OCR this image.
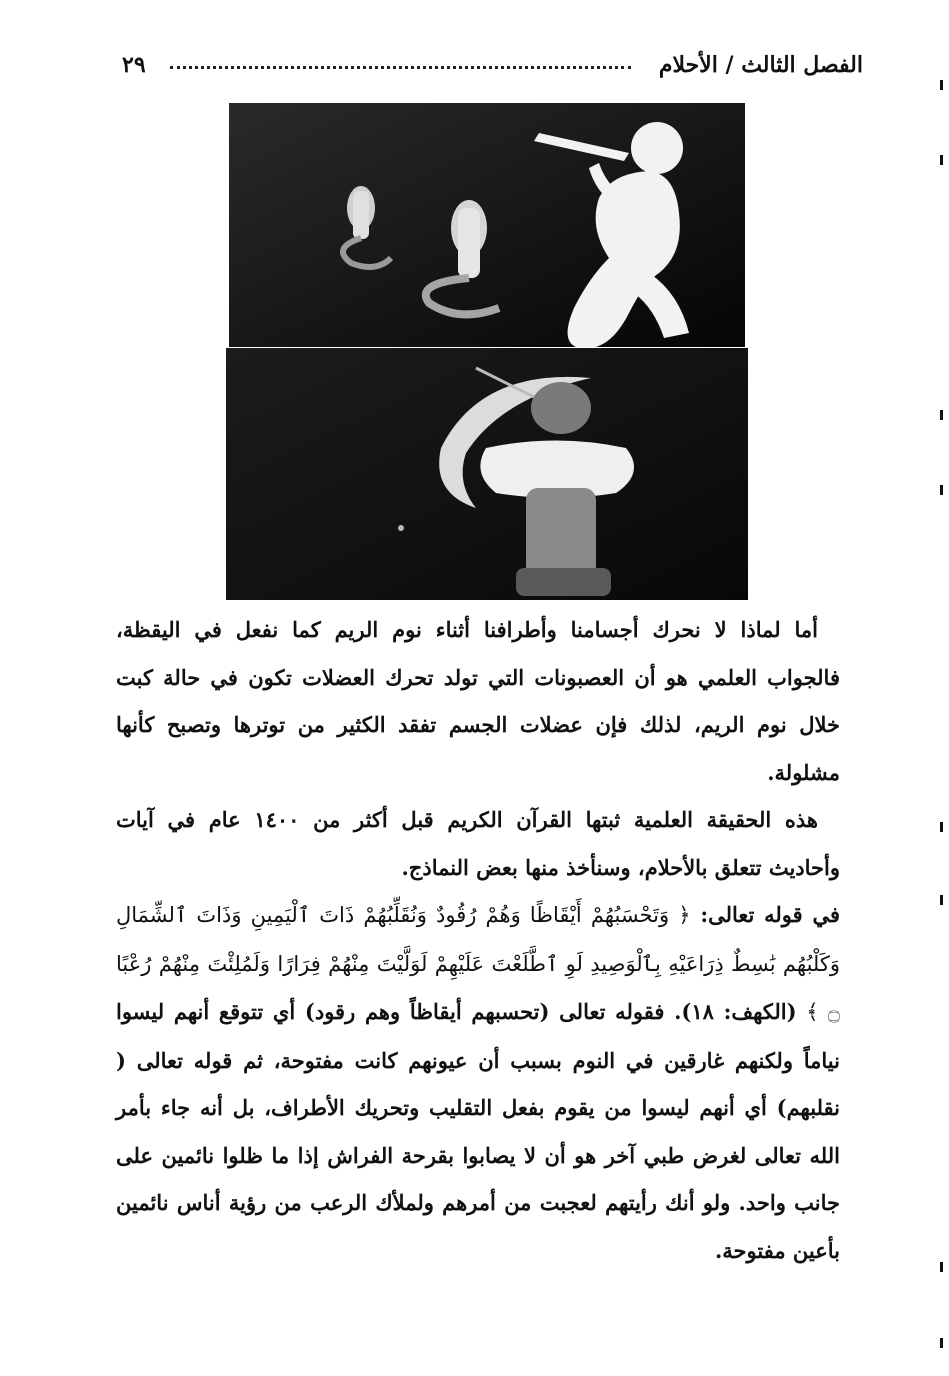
الفصل الثالث / الأحلام
٢٩

أما لماذا لا نحرك أجسامنا وأطرافنا أثناء نوم الريم كما نفعل في اليقظة، فالجواب العلمي هو أن العصبونات التي تولد تحرك العضلات تكون في حالة كبت خلال نوم الريم، لذلك فإن عضلات الجسم تفقد الكثير من توترها وتصبح كأنها مشلولة.

هذه الحقيقة العلمية ثبتها القرآن الكريم قبل أكثر من ١٤٠٠ عام في آيات وأحاديث تتعلق بالأحلام، وسنأخذ منها بعض النماذج.

في قوله تعالى: ﴿ وَتَحْسَبُهُمْ أَيْقَاظًا وَهُمْ رُقُودٌ وَنُقَلِّبُهُمْ ذَاتَ ٱلْيَمِينِ وَذَاتَ ٱلشِّمَالِ وَكَلْبُهُم بَٰسِطٌ ذِرَاعَيْهِ بِٱلْوَصِيدِ لَوِ ٱطَّلَعْتَ عَلَيْهِمْ لَوَلَّيْتَ مِنْهُمْ فِرَارًا وَلَمُلِئْتَ مِنْهُمْ رُعْبًا ۝ ﴾ (الكهف: ١٨). فقوله تعالى (تحسبهم أيقاظاً وهم رقود) أي تتوقع أنهم ليسوا نياماً ولكنهم غارقين في النوم بسبب أن عيونهم كانت مفتوحة، ثم قوله تعالى ( نقلبهم) أي أنهم ليسوا من يقوم بفعل التقليب وتحريك الأطراف، بل أنه جاء بأمر الله تعالى لغرض طبي آخر هو أن لا يصابوا بقرحة الفراش إذا ما ظلوا نائمين على جانب واحد. ولو أنك رأيتهم لعجبت من أمرهم ولملأك الرعب من رؤية أناس نائمين بأعين مفتوحة.
